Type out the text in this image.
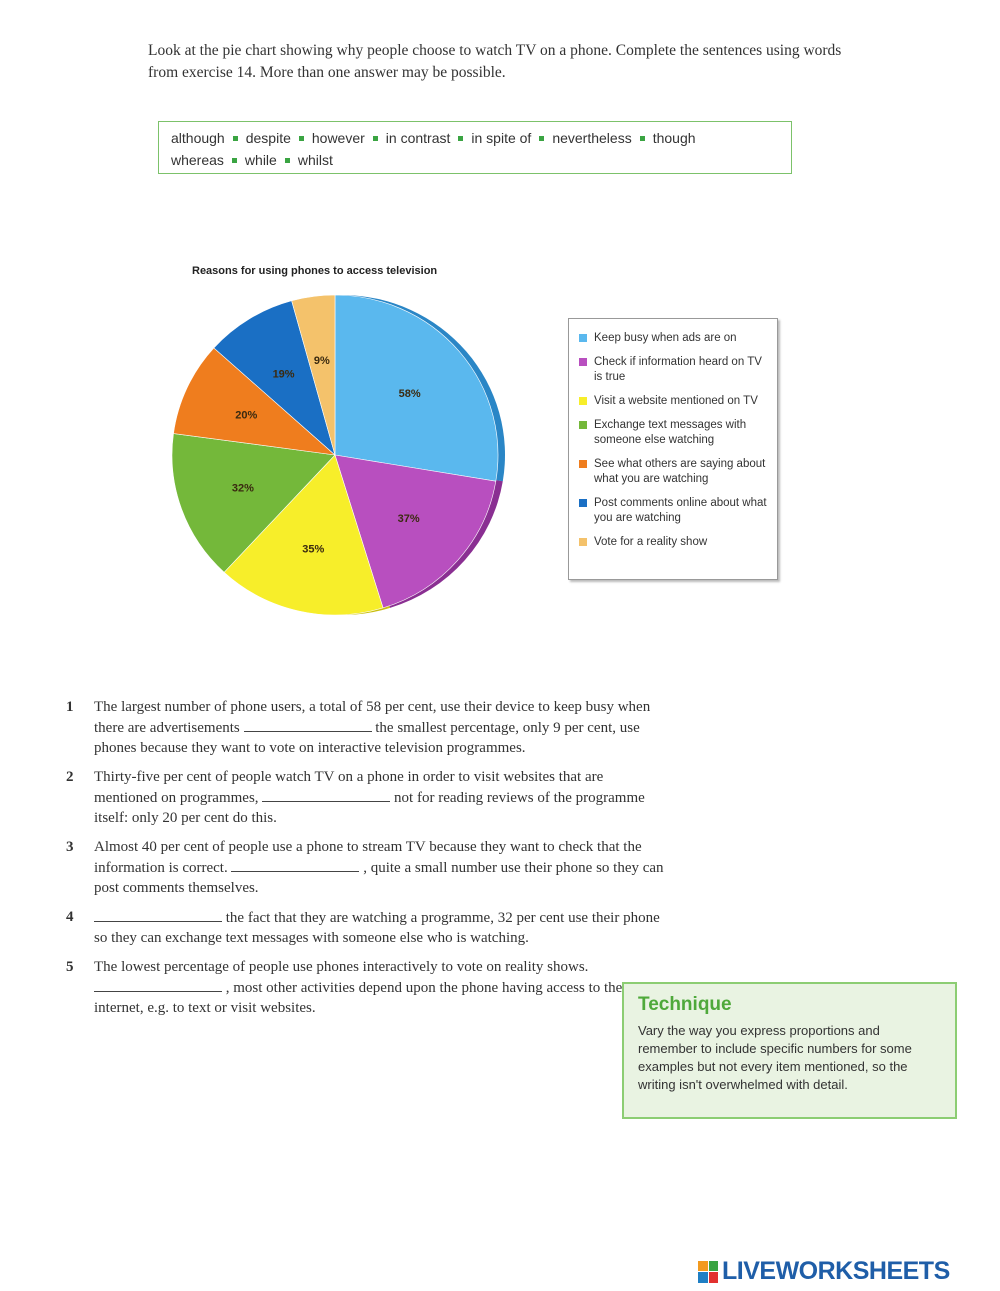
Look at the pie chart showing why people choose to watch TV on a phone. Complete the sentences using words from exercise 14. More than one answer may be possible.
although despite however in contrast in spite of nevertheless though
whereas while whilst
Reasons for using phones to access television
58%
37%
35%
32%
20%
19%
9%
Keep busy when ads are on
Check if information heard on TV is true
Visit a website mentioned on TV
Exchange text messages with someone else watching
See what others are saying about what you are watching
Post comments online about what you are watching
Vote for a reality show
1	The largest number of phone users, a total of 58 per cent, use their device to keep busy when there are advertisements	the smallest percentage, only 9 per cent, use phones because they want to vote on interactive television programmes.
2	Thirty-five per cent of people watch TV on a phone in order to visit websites that are mentioned on programmes,	not for reading reviews of the programme itself: only 20 per cent do this.
3	Almost 40 per cent of people use a phone to stream TV because they want to check that the information is correct.	, quite a small number use their phone so they can post comments themselves.
4	the fact that they are watching a programme, 32 per cent use their phone so they can exchange text messages with someone else who is watching.
5	The lowest percentage of people use phones interactively to vote on reality shows.  , most other activities depend upon the phone having access to the internet, e.g. to text or visit websites.	Technique
Vary the way you express proportions and remember to include specific numbers for some examples but not every item mentioned, so the writing isn't overwhelmed with detail.
LIVEWORKSHEETS
